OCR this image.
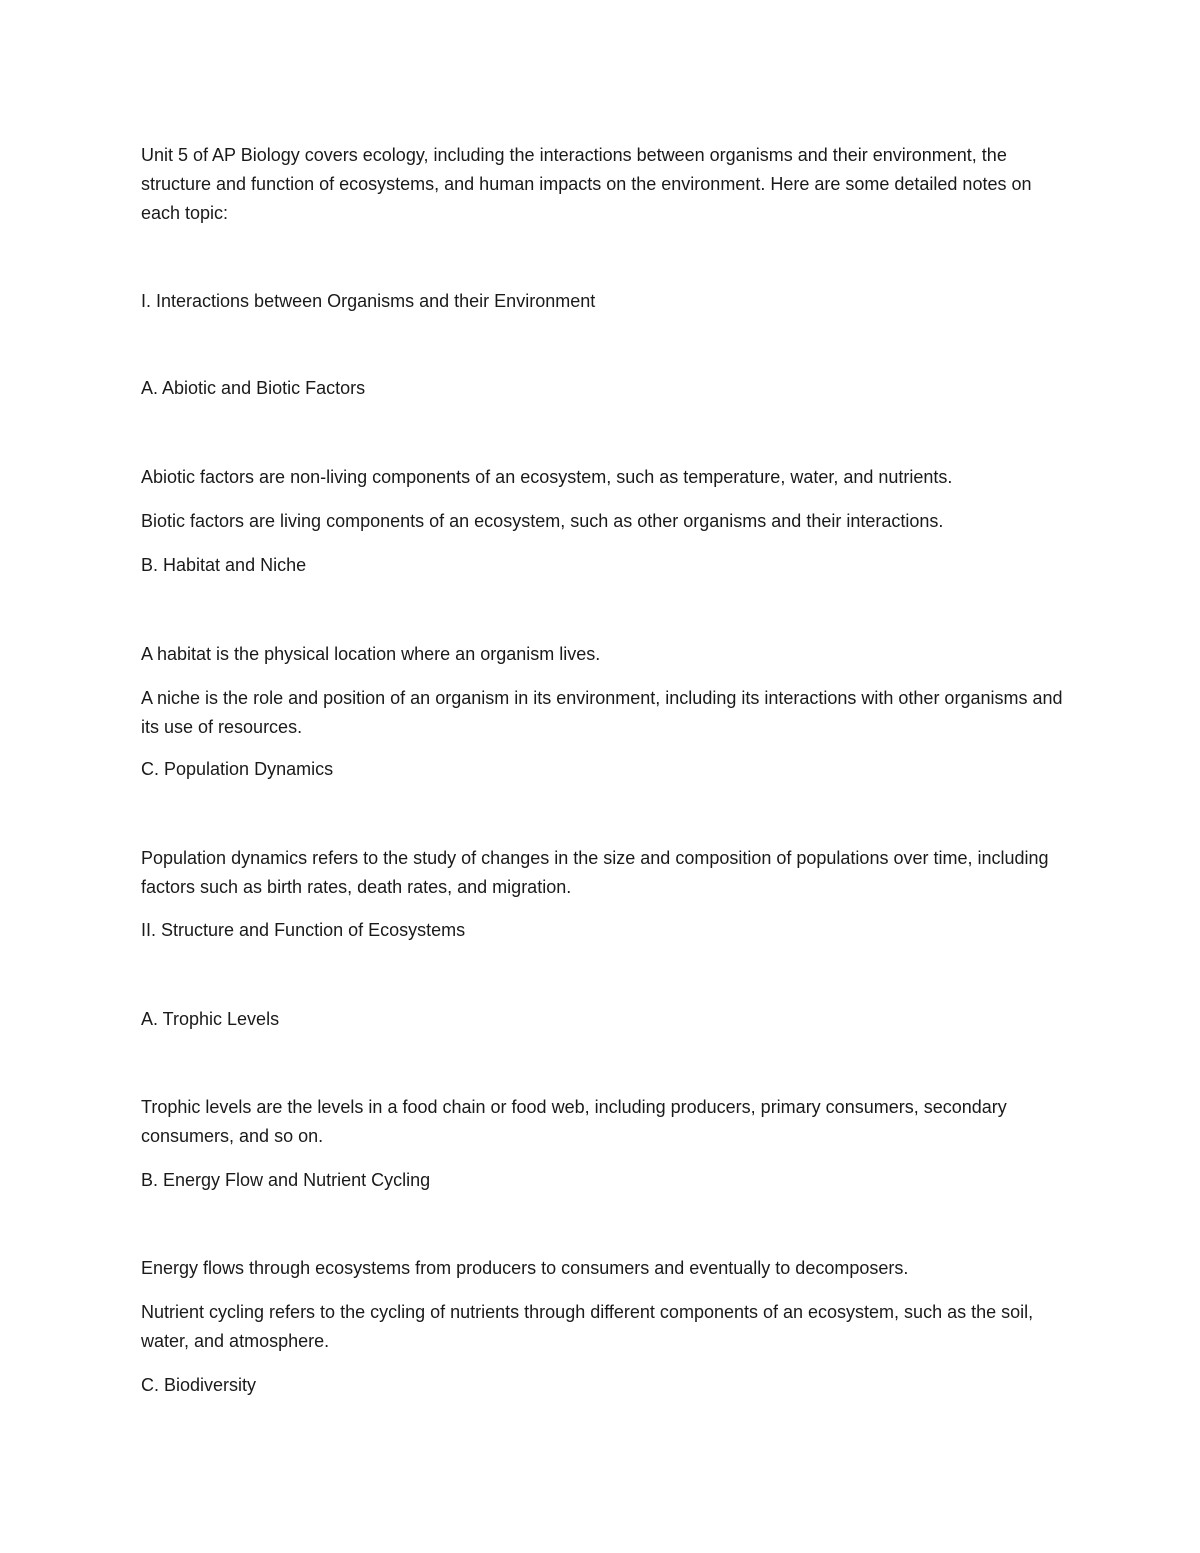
Unit 5 of AP Biology covers ecology, including the interactions between organisms and their environment, the structure and function of ecosystems, and human impacts on the environment. Here are some detailed notes on each topic:

I. Interactions between Organisms and their Environment

A. Abiotic and Biotic Factors

Abiotic factors are non-living components of an ecosystem, such as temperature, water, and nutrients.

Biotic factors are living components of an ecosystem, such as other organisms and their interactions.

B. Habitat and Niche

A habitat is the physical location where an organism lives.

A niche is the role and position of an organism in its environment, including its interactions with other organisms and its use of resources.

C. Population Dynamics

Population dynamics refers to the study of changes in the size and composition of populations over time, including factors such as birth rates, death rates, and migration.

II. Structure and Function of Ecosystems

A. Trophic Levels

Trophic levels are the levels in a food chain or food web, including producers, primary consumers, secondary consumers, and so on.

B. Energy Flow and Nutrient Cycling

Energy flows through ecosystems from producers to consumers and eventually to decomposers.

Nutrient cycling refers to the cycling of nutrients through different components of an ecosystem, such as the soil, water, and atmosphere.

C. Biodiversity
